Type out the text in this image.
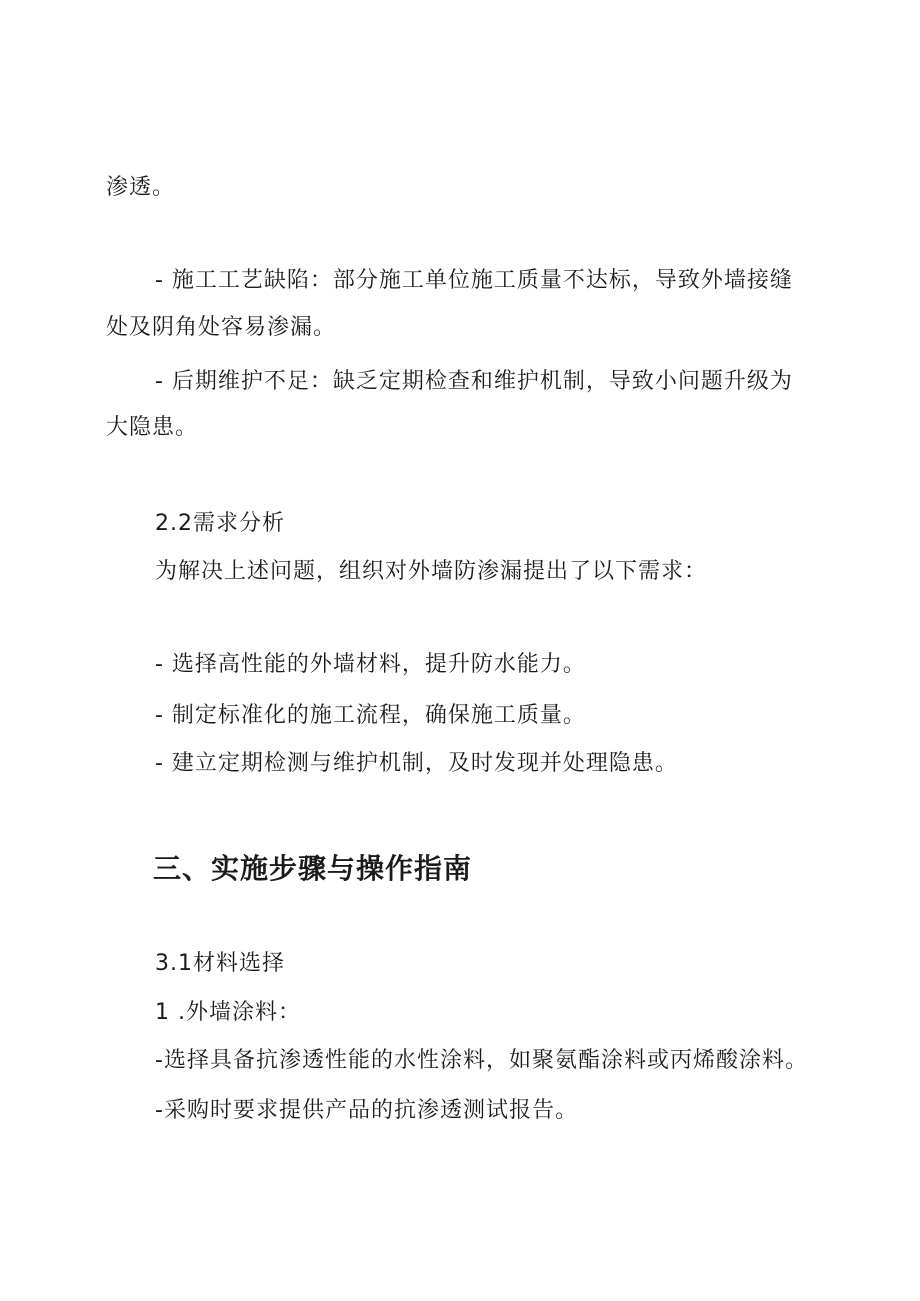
渗透。
- 施工工艺缺陷：部分施工单位施工质量不达标，导致外墙接缝
处及阴角处容易渗漏。
- 后期维护不足：缺乏定期检查和维护机制，导致小问题升级为
大隐患。
2.2需求分析
为解决上述问题，组织对外墙防渗漏提出了以下需求：
- 选择高性能的外墙材料，提升防水能力。
- 制定标准化的施工流程，确保施工质量。
- 建立定期检测与维护机制，及时发现并处理隐患。
三、实施步骤与操作指南
3.1材料选择
1 .外墙涂料：
-选择具备抗渗透性能的水性涂料，如聚氨酯涂料或丙烯酸涂料。
-采购时要求提供产品的抗渗透测试报告。
